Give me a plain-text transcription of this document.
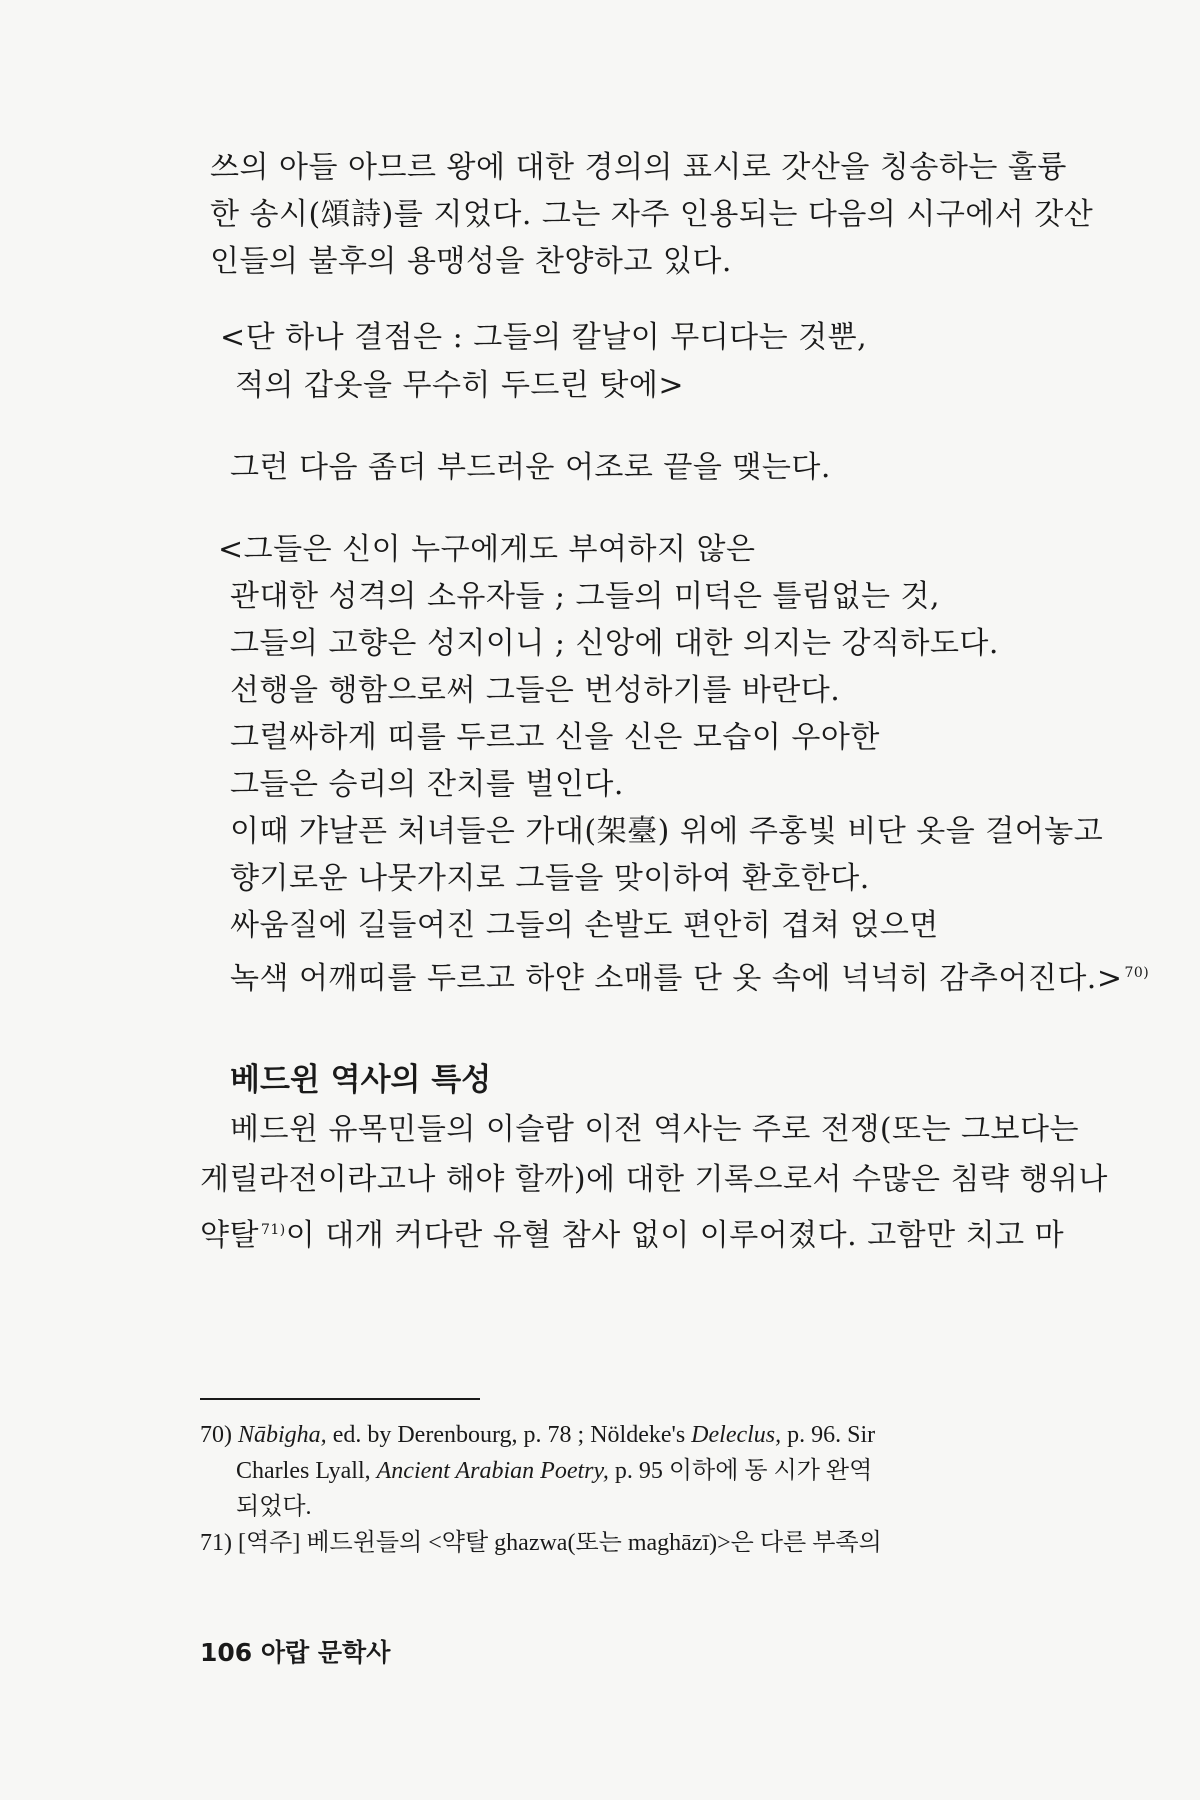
쓰의 아들 아므르 왕에 대한 경의의 표시로 갓산을 칭송하는 훌륭
한 송시(頌詩)를 지었다. 그는 자주 인용되는 다음의 시구에서 갓산
인들의 불후의 용맹성을 찬양하고 있다.
<단 하나 결점은 : 그들의 칼날이 무디다는 것뿐,
적의 갑옷을 무수히 두드린 탓에>
그런 다음 좀더 부드러운 어조로 끝을 맺는다.
<그들은 신이 누구에게도 부여하지 않은
관대한 성격의 소유자들 ; 그들의 미덕은 틀림없는 것,
그들의 고향은 성지이니 ; 신앙에 대한 의지는 강직하도다.
선행을 행함으로써 그들은 번성하기를 바란다.
그럴싸하게 띠를 두르고 신을 신은 모습이 우아한
그들은 승리의 잔치를 벌인다.
이때 갸날픈 처녀들은 가대(架臺) 위에 주홍빛 비단 옷을 걸어놓고
향기로운 나뭇가지로 그들을 맞이하여 환호한다.
싸움질에 길들여진 그들의 손발도 편안히 겹쳐 얹으면
녹색 어깨띠를 두르고 하얀 소매를 단 옷 속에 넉넉히 감추어진다.> $^{70)}$
베드윈 역사의 특성
베드윈 유목민들의 이슬람 이전 역사는 주로 전쟁(또는 그보다는
게릴라전이라고나 해야 할까)에 대한 기록으로서 수많은 침략 행위나
약탈 $^{71)}$이 대개 커다란 유혈 참사 없이 이루어졌다. 고함만 치고 마
70) Nābigha, ed. by Derenbourg, p. 78 ; Nöldeke's Deleclus, p. 96. Sir
Charles Lyall, Ancient Arabian Poetry, p. 95 이하에 동 시가 완역
되었다.
71) [역주] 베드윈들의 <약탈 ghazwa(또는 maghāzī)>은 다른 부족의
106 아랍 문학사
